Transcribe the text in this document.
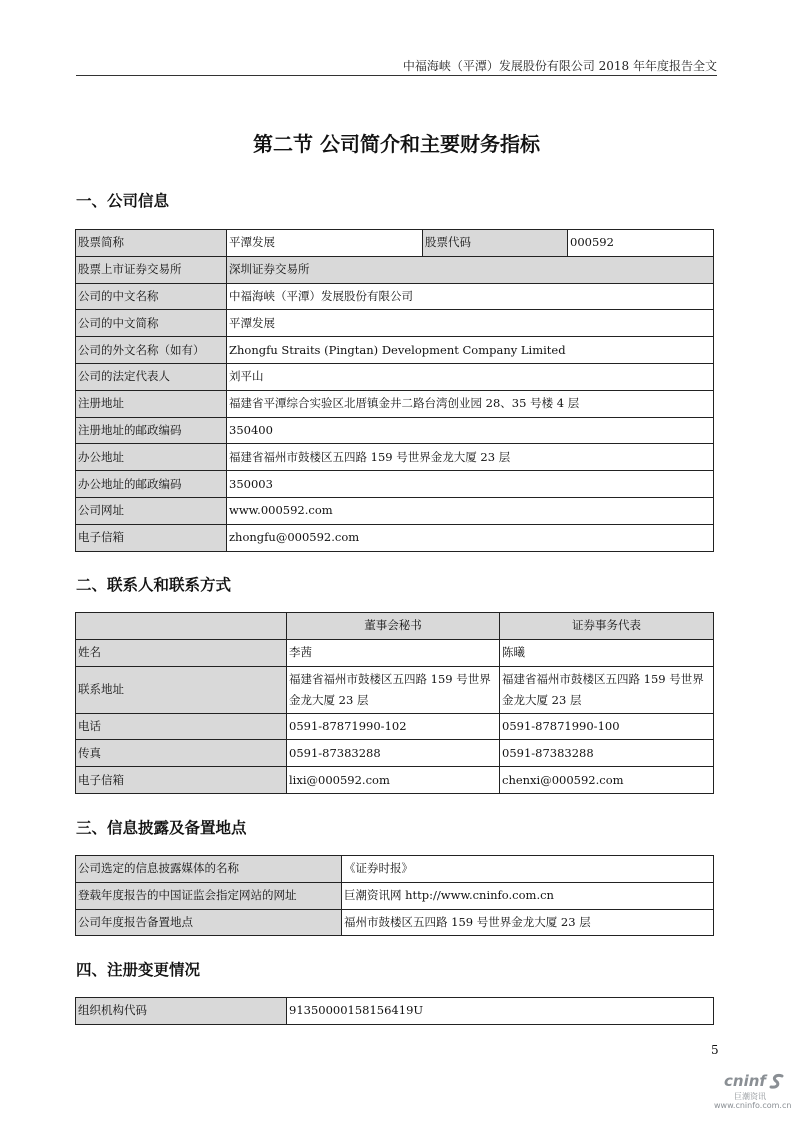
中福海峡（平潭）发展股份有限公司 2018 年年度报告全文
第二节 公司简介和主要财务指标
一、公司信息
股票简称	平潭发展	股票代码	000592
股票上市证券交易所	深圳证券交易所		
公司的中文名称	中福海峡（平潭）发展股份有限公司		
公司的中文简称	平潭发展		
公司的外文名称（如有）	Zhongfu Straits (Pingtan) Development Company Limited		
公司的法定代表人	刘平山		
注册地址	福建省平潭综合实验区北厝镇金井二路台湾创业园 28、35 号楼 4 层		
注册地址的邮政编码	350400		
办公地址	福建省福州市鼓楼区五四路 159 号世界金龙大厦 23 层		
办公地址的邮政编码	350003		
公司网址	www.000592.com		
电子信箱	zhongfu@000592.com		
二、联系人和联系方式
	董事会秘书	证券事务代表
姓名	李茜	陈曦
联系地址	福建省福州市鼓楼区五四路 159 号世界金龙大厦 23 层	福建省福州市鼓楼区五四路 159 号世界金龙大厦 23 层
电话	0591-87871990-102	0591-87871990-100
传真	0591-87383288	0591-87383288
电子信箱	lixi@000592.com	chenxi@000592.com
三、信息披露及备置地点
公司选定的信息披露媒体的名称	《证券时报》
登载年度报告的中国证监会指定网站的网址	巨潮资讯网 http://www.cninfo.com.cn
公司年度报告备置地点	福州市鼓楼区五四路 159 号世界金龙大厦 23 层
四、注册变更情况
组织机构代码	91350000158156419U
5
cninf
巨潮资讯
www.cninfo.com.cn
